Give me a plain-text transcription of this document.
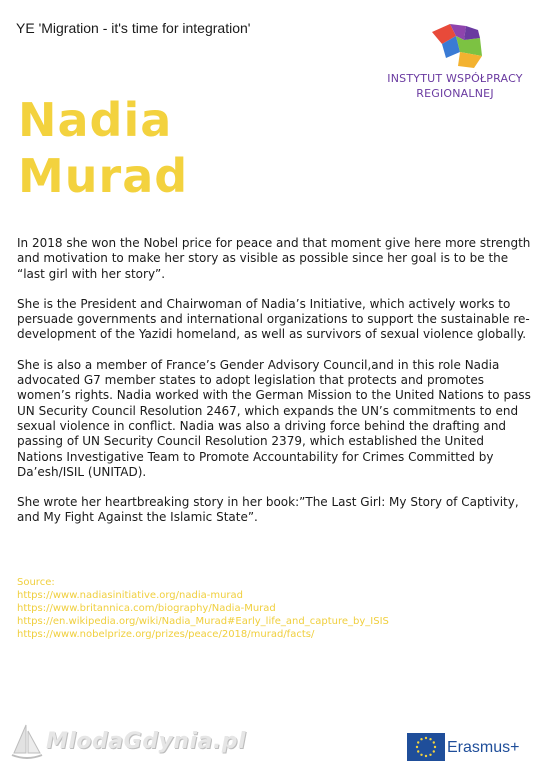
YE 'Migration - it's time for integration'
INSTYTUT WSPÓŁPRACY
REGIONALNEJ
Nadia
Murad

In 2018 she won the Nobel price for peace and that moment give here more strength and motivation to make her story as visible as possible since her goal is to be the “last girl with her story”.

She is the President and Chairwoman of Nadia’s Initiative, which actively works to persuade governments and international organizations to support the sustainable re-development of the Yazidi homeland, as well as survivors of sexual violence globally.

She is also a member of France’s Gender Advisory Council,and in this role Nadia advocated G7 member states to adopt legislation that protects and promotes women’s rights. Nadia worked with the German Mission to the United Nations to pass UN Security Council Resolution 2467, which expands the UN’s commitments to end sexual violence in conflict. Nadia was also a driving force behind the drafting and passing of UN Security Council Resolution 2379, which established the United Nations Investigative Team to Promote Accountability for Crimes Committed by Da’esh/ISIL (UNITAD).

She wrote her heartbreaking story in her book:”The Last Girl: My Story of Captivity, and My Fight Against the Islamic State”.

Source:
https://www.nadiasinitiative.org/nadia-murad
https://www.britannica.com/biography/Nadia-Murad
https://en.wikipedia.org/wiki/Nadia_Murad#Early_life_and_capture_by_ISIS
https://www.nobelprize.org/prizes/peace/2018/murad/facts/
MlodaGdynia.pl	Erasmus+
